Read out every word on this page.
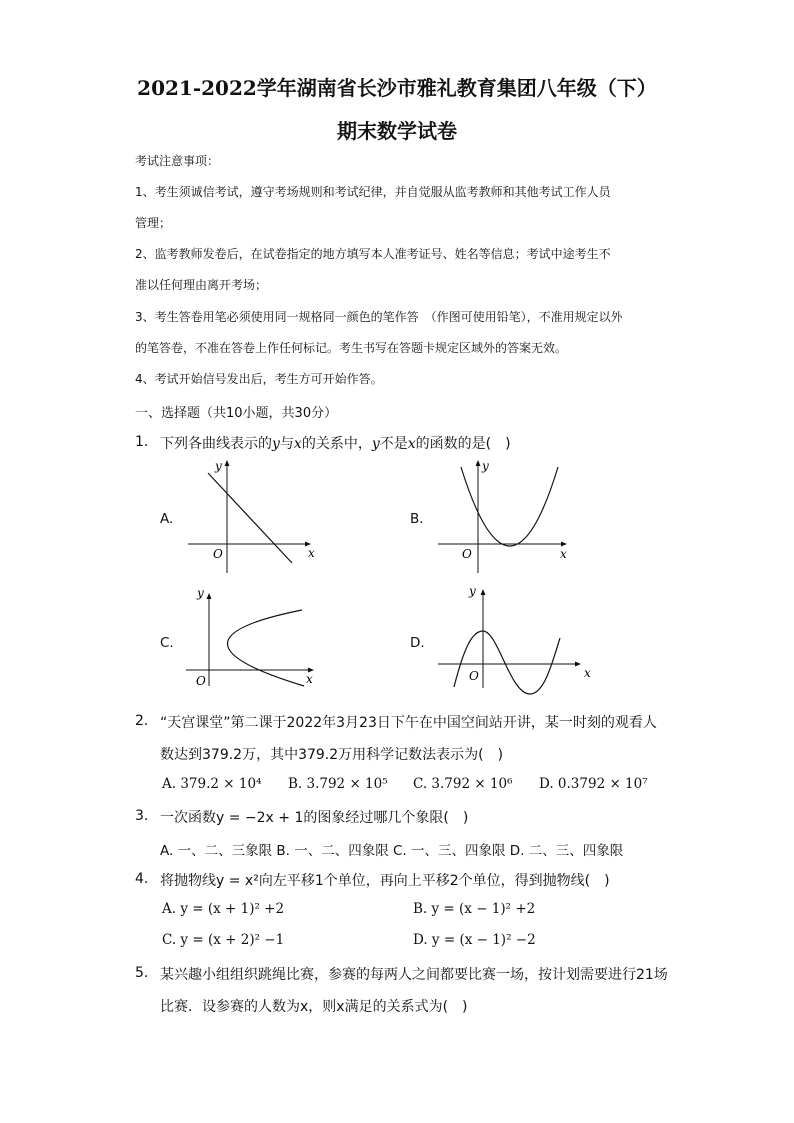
2021-2022学年湖南省长沙市雅礼教育集团八年级（下）
期末数学试卷
考试注意事项：
1、考生须诚信考试，遵守考场规则和考试纪律，并自觉服从监考教师和其他考试工作人员
管理；
2、监考教师发卷后，在试卷指定的地方填写本人准考证号、姓名等信息；考试中途考生不
准以任何理由离开考场；
3、考生答卷用笔必须使用同一规格同一颜色的笔作答　（作图可使用铅笔），不准用规定以外
的笔答卷，不准在答卷上作任何标记。考生书写在答题卡规定区域外的答案无效。
4、考试开始信号发出后，考生方可开始作答。
一、选择题（共10小题，共30分）
1. 下列各曲线表示的y与x的关系中，y不是x的函数的是(　)
A.	B.
C.	D.
x
y
O	x
y
O
x
y
O
x
y
O
2. “天宫课堂”第二课于2022年3月23日下午在中国空间站开讲，某一时刻的观看人
数达到379.2万，其中379.2万用科学记数法表示为(　)
A. 379.2 × 10⁴ B. 3.792 × 10⁵ C. 3.792 × 10⁶ D. 0.3792 × 10⁷
3. 一次函数y = −2x + 1的图象经过哪几个象限(　)
A. 一、二、三象限 B. 一、二、四象限 C. 一、三、四象限 D. 二、三、四象限
4. 将抛物线y = x²向左平移1个单位，再向上平移2个单位，得到抛物线(　)
A. y = (x + 1)² +2	B. y = (x − 1)² +2
C. y = (x + 2)² −1	D. y = (x − 1)² −2
5. 某兴趣小组组织跳绳比赛，参赛的每两人之间都要比赛一场，按计划需要进行21场
比赛．设参赛的人数为x，则x满足的关系式为(　)
